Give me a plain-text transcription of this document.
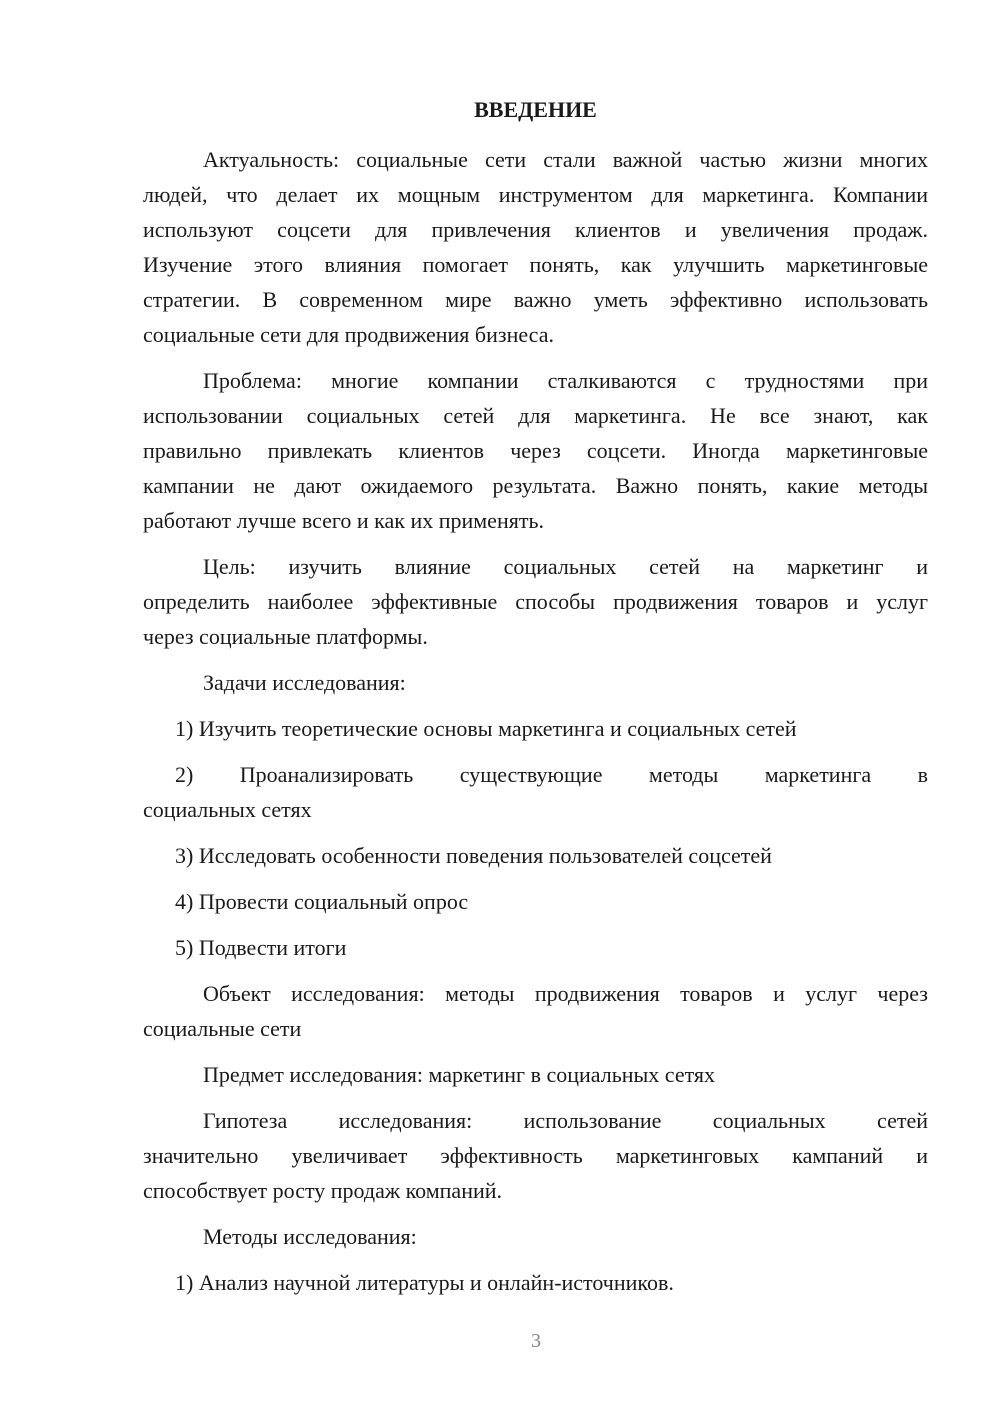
ВВЕДЕНИЕ
Актуальность: социальные сети стали важной частью жизни многих
людей, что делает их мощным инструментом для маркетинга. Компании
используют соцсети для привлечения клиентов и увеличения продаж.
Изучение этого влияния помогает понять, как улучшить маркетинговые
стратегии. В современном мире важно уметь эффективно использовать
социальные сети для продвижения бизнеса.
Проблема: многие компании сталкиваются с трудностями при
использовании социальных сетей для маркетинга. Не все знают, как
правильно привлекать клиентов через соцсети. Иногда маркетинговые
кампании не дают ожидаемого результата. Важно понять, какие методы
работают лучше всего и как их применять.
Цель: изучить влияние социальных сетей на маркетинг и
определить наиболее эффективные способы продвижения товаров и услуг
через социальные платформы.
Задачи исследования:
1) Изучить теоретические основы маркетинга и социальных сетей
2) Проанализировать существующие методы маркетинга в
социальных сетях
3) Исследовать особенности поведения пользователей соцсетей
4) Провести социальный опрос
5) Подвести итоги
Объект исследования: методы продвижения товаров и услуг через
социальные сети
Предмет исследования: маркетинг в социальных сетях
Гипотеза исследования: использование социальных сетей
значительно увеличивает эффективность маркетинговых кампаний и
способствует росту продаж компаний.
Методы исследования:
1) Анализ научной литературы и онлайн-источников.
3
